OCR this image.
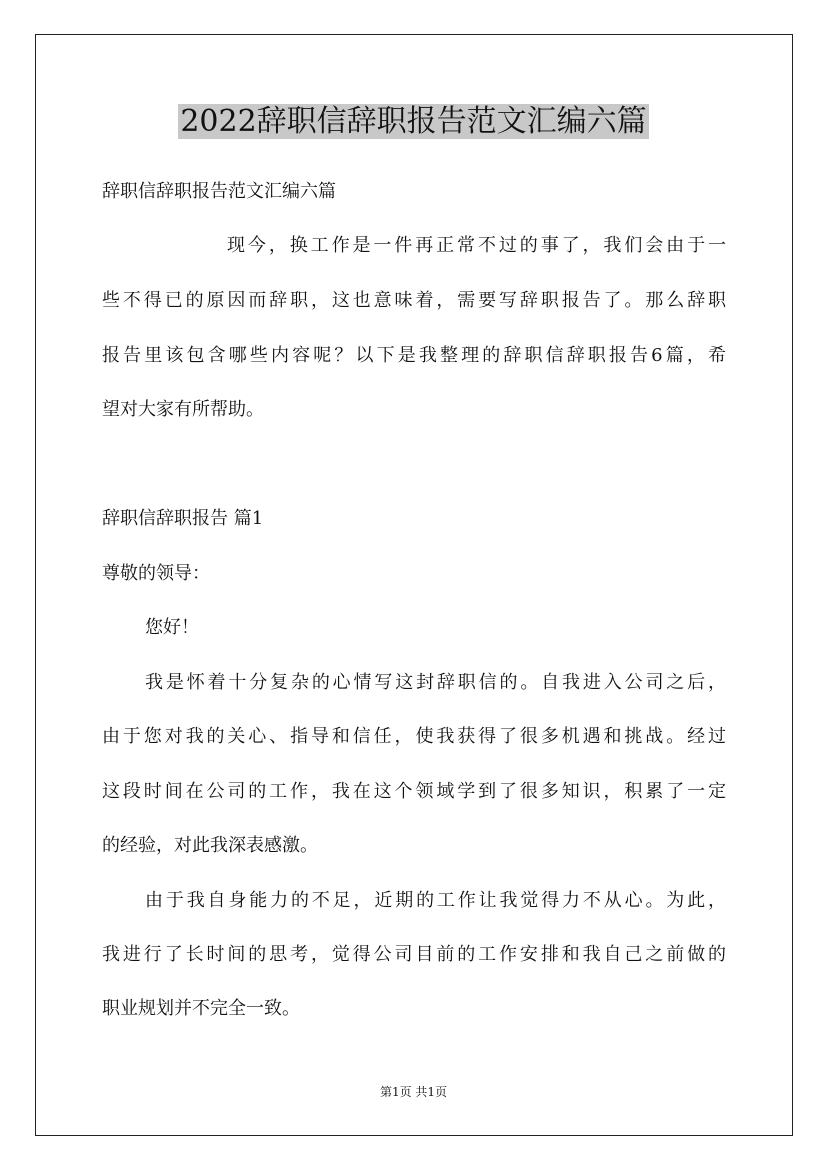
2022辞职信辞职报告范文汇编六篇

辞职信辞职报告范文汇编六篇

现今，换工作是一件再正常不过的事了，我们会由于一

些不得已的原因而辞职，这也意味着，需要写辞职报告了。那么辞职

报告里该包含哪些内容呢？以下是我整理的辞职信辞职报告6篇，希

望对大家有所帮助。

辞职信辞职报告 篇1

尊敬的领导：

您好！

我是怀着十分复杂的心情写这封辞职信的。自我进入公司之后，

由于您对我的关心、指导和信任，使我获得了很多机遇和挑战。经过

这段时间在公司的工作，我在这个领域学到了很多知识，积累了一定

的经验，对此我深表感激。

由于我自身能力的不足，近期的工作让我觉得力不从心。为此，

我进行了长时间的思考，觉得公司目前的工作安排和我自己之前做的

职业规划并不完全一致。

第1页 共1页
